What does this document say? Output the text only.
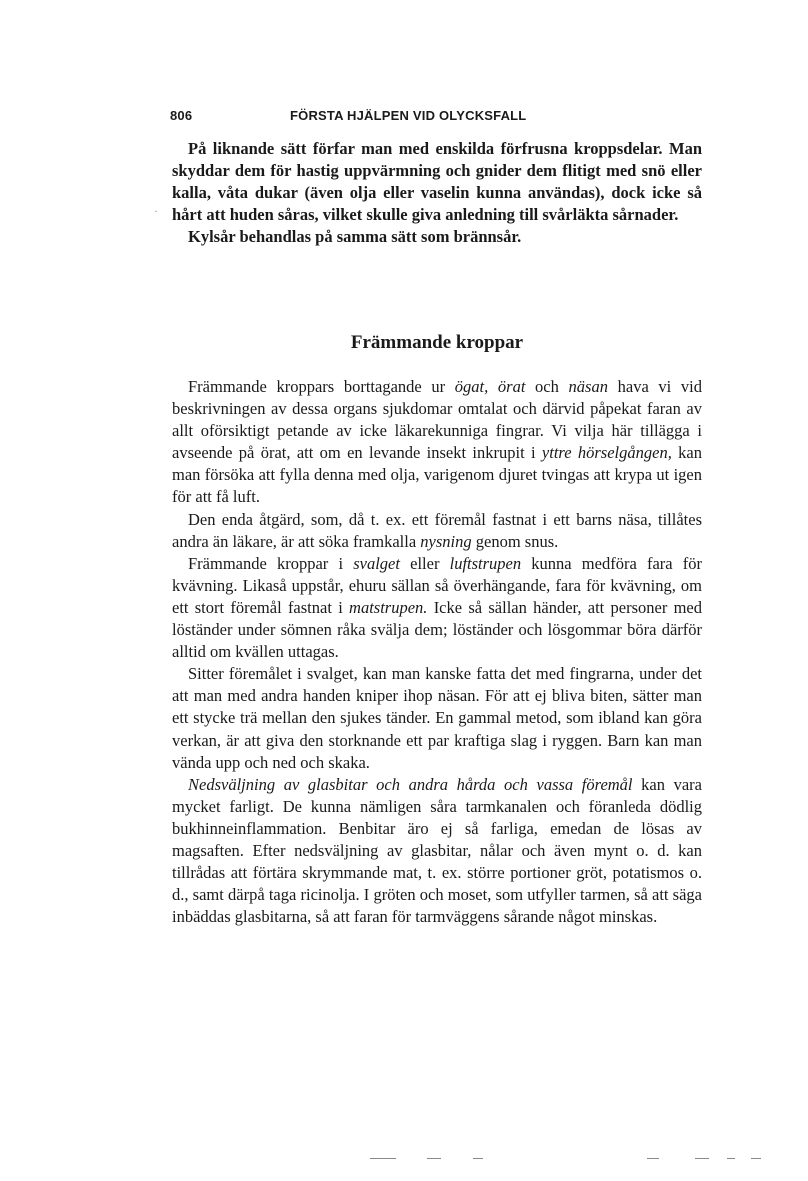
806	FÖRSTA HJÄLPEN VID OLYCKSFALL
·

På liknande sätt förfar man med enskilda förfrusna kroppsdelar. Man skyddar dem för hastig uppvärmning och gnider dem flitigt med snö eller kalla, våta dukar (även olja eller vaselin kunna användas), dock icke så hårt att huden såras, vilket skulle giva anledning till svårläkta sårnader.

Kylsår behandlas på samma sätt som brännsår.

Främmande kroppar

Främmande kroppars borttagande ur ögat, örat och näsan hava vi vid beskrivningen av dessa organs sjukdomar omtalat och därvid påpekat faran av allt oförsiktigt petande av icke läkarekunniga fingrar. Vi vilja här tillägga i avseende på örat, att om en levande insekt inkrupit i yttre hörselgången, kan man försöka att fylla denna med olja, varigenom djuret tvingas att krypa ut igen för att få luft.

Den enda åtgärd, som, då t. ex. ett föremål fastnat i ett barns näsa, tillåtes andra än läkare, är att söka framkalla nysning genom snus.

Främmande kroppar i svalget eller luftstrupen kunna medföra fara för kvävning. Likaså uppstår, ehuru sällan så överhängande, fara för kvävning, om ett stort föremål fastnat i matstrupen. Icke så sällan händer, att personer med löständer under sömnen råka svälja dem; löständer och lösgommar böra därför alltid om kvällen uttagas.

Sitter föremålet i svalget, kan man kanske fatta det med fingrarna, under det att man med andra handen kniper ihop näsan. För att ej bliva biten, sätter man ett stycke trä mellan den sjukes tänder. En gammal metod, som ibland kan göra verkan, är att giva den storknande ett par kraftiga slag i ryggen. Barn kan man vända upp och ned och skaka.

Nedsväljning av glasbitar och andra hårda och vassa föremål kan vara mycket farligt. De kunna nämligen såra tarmkanalen och föranleda dödlig bukhinneinflammation. Benbitar äro ej så farliga, emedan de lösas av magsaften. Efter nedsväljning av glasbitar, nålar och även mynt o. d. kan tillrådas att förtära skrymmande mat, t. ex. större portioner gröt, potatismos o. d., samt därpå taga ricinolja. I gröten och moset, som utfyller tarmen, så att säga inbäddas glasbitarna, så att faran för tarmväggens sårande något minskas.
